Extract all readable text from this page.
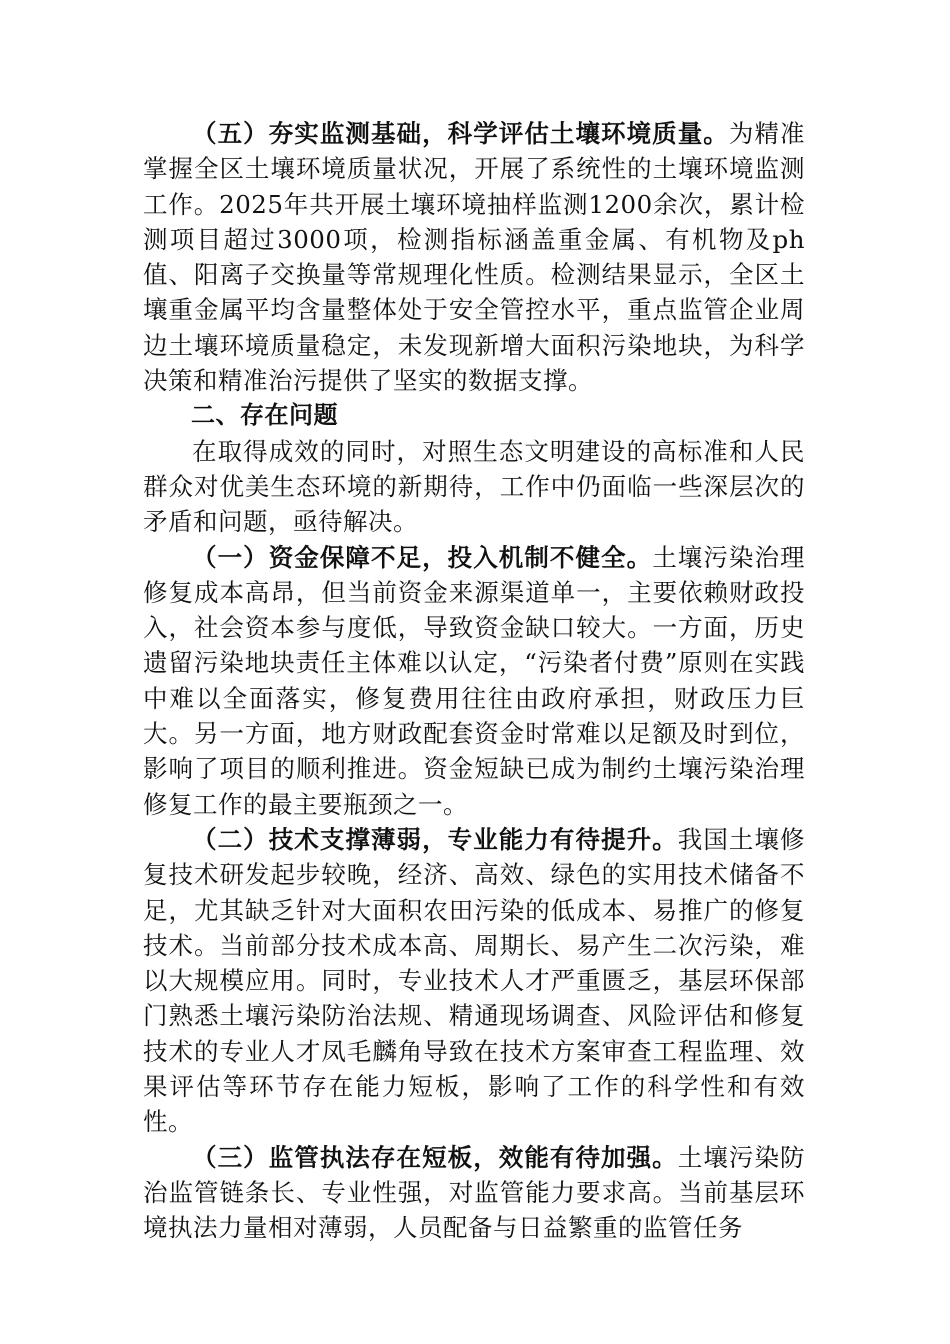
（五）夯实监测基础，科学评估土壤环境质量。为精准掌握全区土壤环境质量状况，开展了系统性的土壤环境监测工作。2025年共开展土壤环境抽样监测1200余次，累计检测项目超过3000项，检测指标涵盖重金属、有机物及ph值、阳离子交换量等常规理化性质。检测结果显示，全区土壤重金属平均含量整体处于安全管控水平，重点监管企业周边土壤环境质量稳定，未发现新增大面积污染地块，为科学决策和精准治污提供了坚实的数据支撑。

二、存在问题

在取得成效的同时，对照生态文明建设的高标准和人民群众对优美生态环境的新期待，工作中仍面临一些深层次的矛盾和问题，亟待解决。

（一）资金保障不足，投入机制不健全。土壤污染治理修复成本高昂，但当前资金来源渠道单一，主要依赖财政投入，社会资本参与度低，导致资金缺口较大。一方面，历史遗留污染地块责任主体难以认定，“污染者付费”原则在实践中难以全面落实，修复费用往往由政府承担，财政压力巨大。另一方面，地方财政配套资金时常难以足额及时到位，影响了项目的顺利推进。资金短缺已成为制约土壤污染治理修复工作的最主要瓶颈之一。

（二）技术支撑薄弱，专业能力有待提升。我国土壤修复技术研发起步较晚，经济、高效、绿色的实用技术储备不足，尤其缺乏针对大面积农田污染的低成本、易推广的修复技术。当前部分技术成本高、周期长、易产生二次污染，难以大规模应用。同时，专业技术人才严重匮乏，基层环保部门熟悉土壤污染防治法规、精通现场调查、风险评估和修复技术的专业人才凤毛麟角导致在技术方案审查工程监理、效果评估等环节存在能力短板，影响了工作的科学性和有效性。

（三）监管执法存在短板，效能有待加强。土壤污染防治监管链条长、专业性强，对监管能力要求高。当前基层环境执法力量相对薄弱，人员配备与日益繁重的监管任务
